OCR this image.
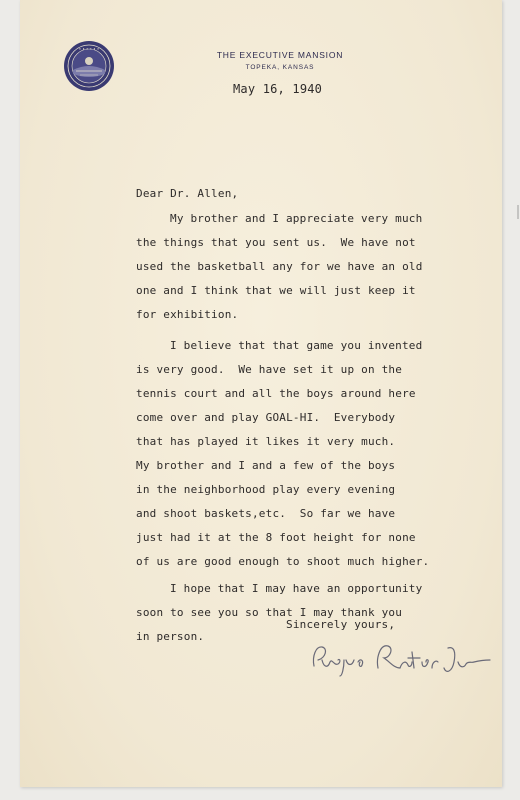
• • • • • •
THE EXECUTIVE MANSION
TOPEKA, KANSAS
May 16, 1940
Dear Dr. Allen,
My brother and I appreciate very much
the things that you sent us.  We have not
used the basketball any for we have an old
one and I think that we will just keep it
for exhibition.
I believe that that game you invented
is very good.  We have set it up on the
tennis court and all the boys around here
come over and play GOAL-HI.  Everybody
that has played it likes it very much.
My brother and I and a few of the boys
in the neighborhood play every evening
and shoot baskets,etc.  So far we have
just had it at the 8 foot height for none
of us are good enough to shoot much higher.
I hope that I may have an opportunity
soon to see you so that I may thank you
in person.
Sincerely yours,
